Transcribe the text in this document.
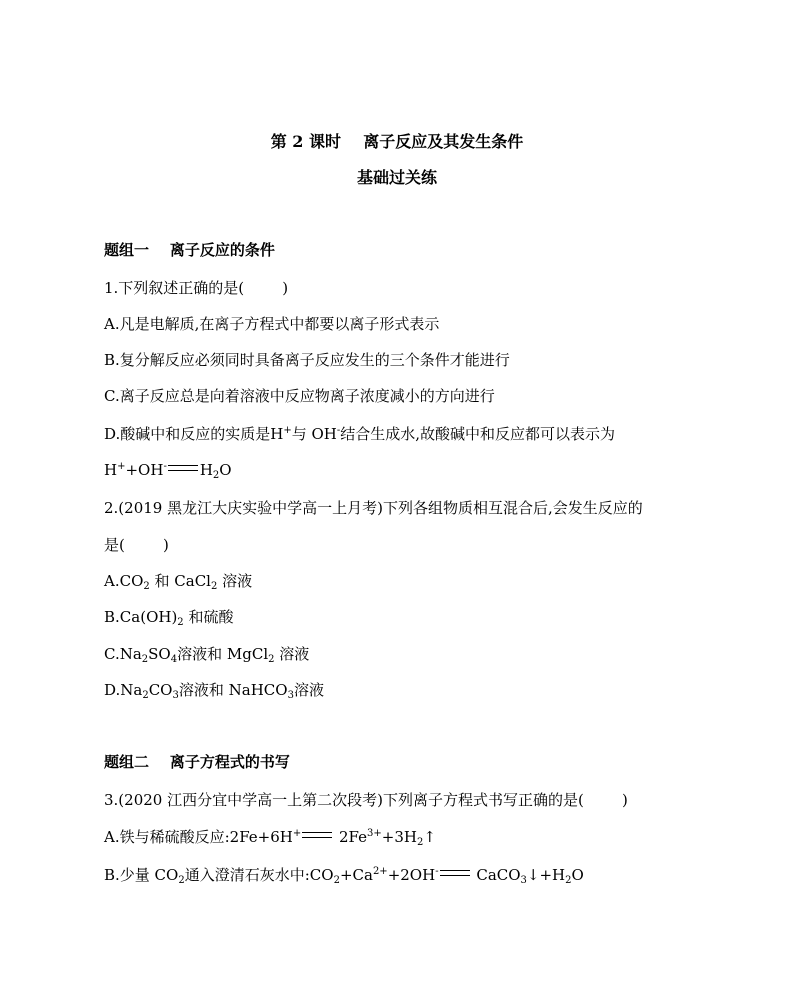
第 2 课时    离子反应及其发生条件
基础过关练
题组一    离子反应的条件
1.下列叙述正确的是(        )
A.凡是电解质,在离子方程式中都要以离子形式表示
B.复分解反应必须同时具备离子反应发生的三个条件才能进行
C.离子反应总是向着溶液中反应物离子浓度减小的方向进行
D.酸碱中和反应的实质是H+与 OH-结合生成水,故酸碱中和反应都可以表示为
H++OH- $H_2O$
2.(2019 黑龙江大庆实验中学高一上月考)下列各组物质相互混合后,会发生反应的
是(        )
$A.CO_2$ 和 CaCl$_2$ 溶液
$B.Ca(OH)_2$ 和硫酸
$C.Na_2SO_4$溶液和 MgCl$_2$ 溶液
$D.Na_2CO_3$溶液和 NaHCO$_3$溶液
题组二    离子方程式的书写
3.(2020 江西分宜中学高一上第二次段考)下列离子方程式书写正确的是(        )
A.铁与稀硫酸反应:2Fe+6H+ $2Fe^{3+}+3H_2↑$
B.少量 $CO_2$通入澄清石灰水中$:CO_2+Ca^{2+}+2OH^-$ $CaCO_3↓+H_2O$
